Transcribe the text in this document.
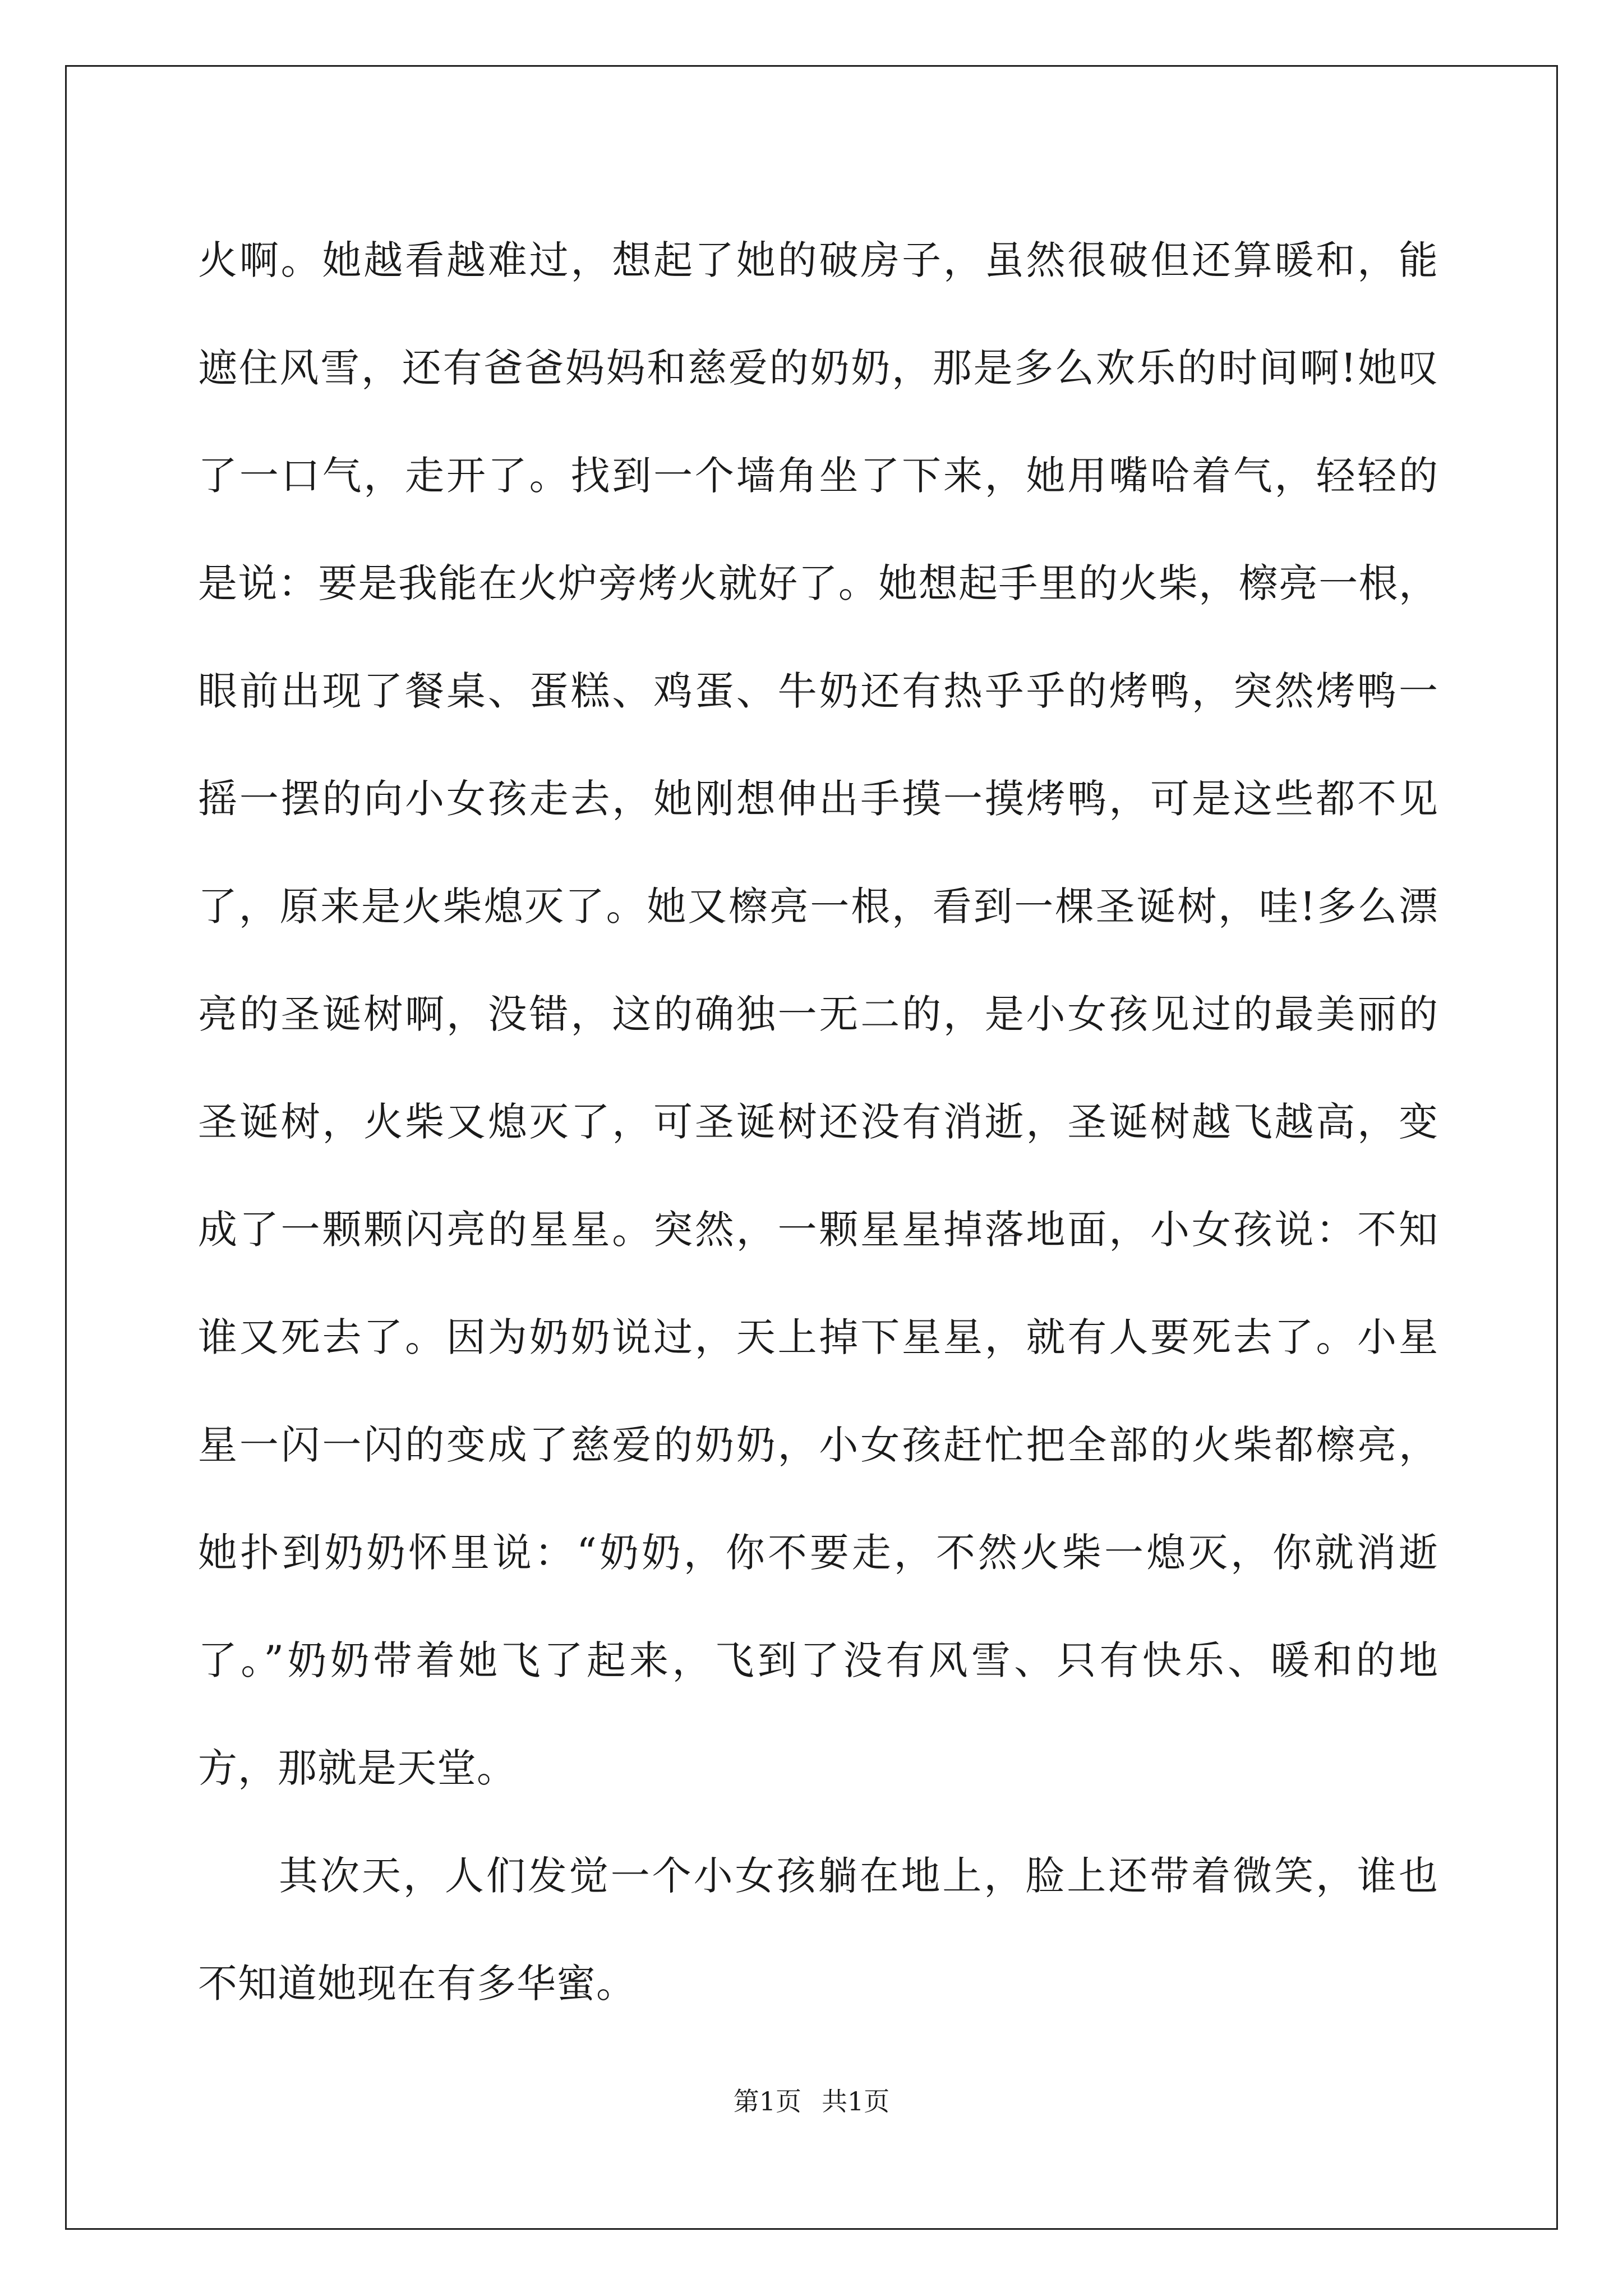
火啊。她越看越难过，想起了她的破房子，虽然很破但还算暖和，能
遮住风雪，还有爸爸妈妈和慈爱的奶奶，那是多么欢乐的时间啊!她叹
了一口气，走开了。找到一个墙角坐了下来，她用嘴哈着气，轻轻的
是说：要是我能在火炉旁烤火就好了。她想起手里的火柴，檫亮一根，
眼前出现了餐桌、蛋糕、鸡蛋、牛奶还有热乎乎的烤鸭，突然烤鸭一
摇一摆的向小女孩走去，她刚想伸出手摸一摸烤鸭，可是这些都不见
了，原来是火柴熄灭了。她又檫亮一根，看到一棵圣诞树，哇!多么漂
亮的圣诞树啊，没错，这的确独一无二的，是小女孩见过的最美丽的
圣诞树，火柴又熄灭了，可圣诞树还没有消逝，圣诞树越飞越高，变
成了一颗颗闪亮的星星。突然，一颗星星掉落地面，小女孩说：不知
谁又死去了。因为奶奶说过，天上掉下星星，就有人要死去了。小星
星一闪一闪的变成了慈爱的奶奶，小女孩赶忙把全部的火柴都檫亮，
她扑到奶奶怀里说：“奶奶，你不要走，不然火柴一熄灭，你就消逝
了。”奶奶带着她飞了起来，飞到了没有风雪、只有快乐、暖和的地
方，那就是天堂。
其次天，人们发觉一个小女孩躺在地上，脸上还带着微笑，谁也
不知道她现在有多华蜜。
第1页 共1页
